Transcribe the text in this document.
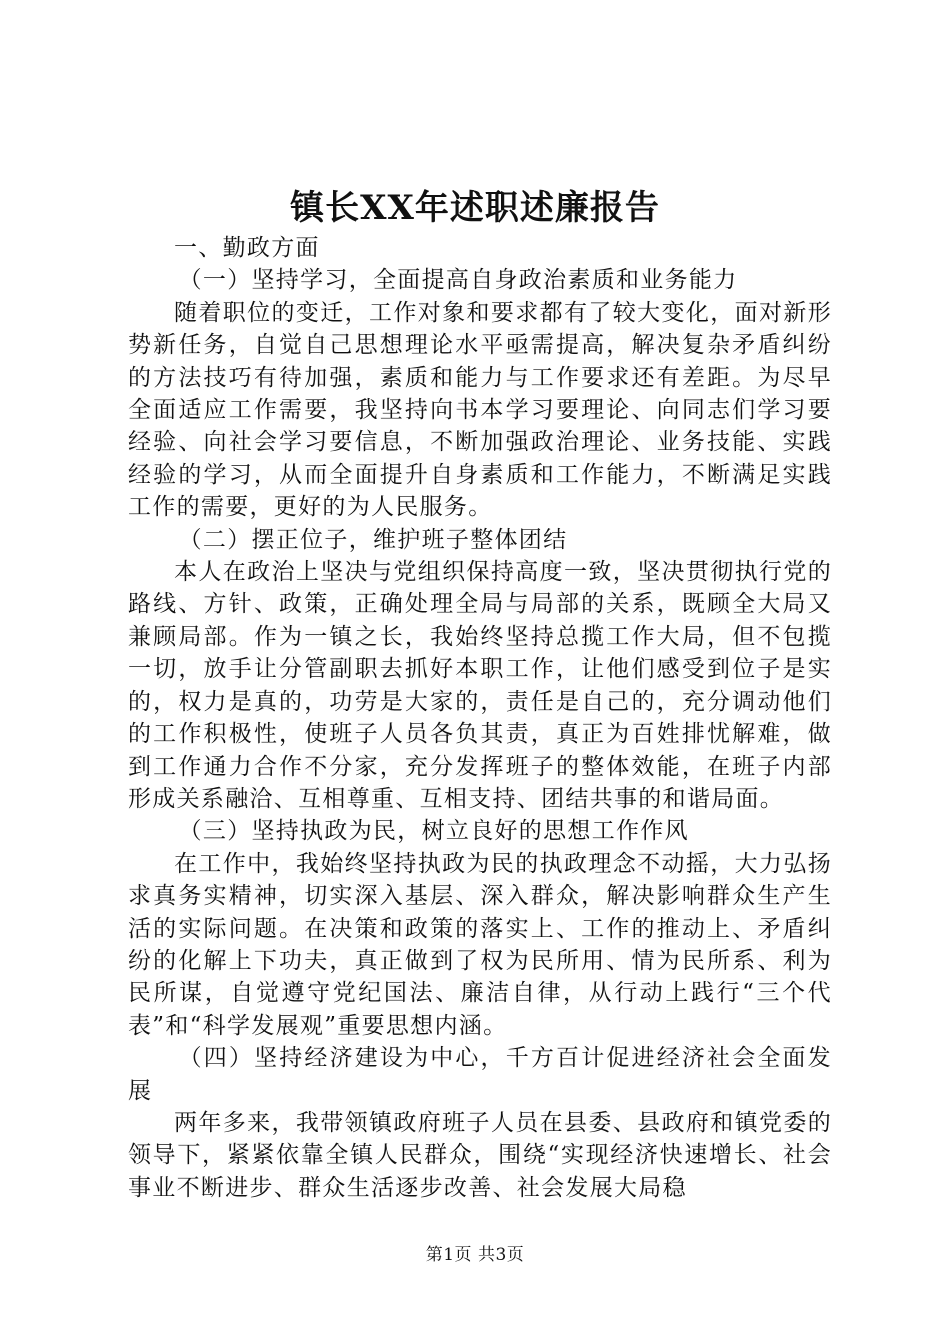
镇长XX年述职述廉报告

一、勤政方面

（一）坚持学习，全面提高自身政治素质和业务能力

随着职位的变迁，工作对象和要求都有了较大变化，面对新形势新任务，自觉自己思想理论水平亟需提高，解决复杂矛盾纠纷的方法技巧有待加强，素质和能力与工作要求还有差距。为尽早全面适应工作需要，我坚持向书本学习要理论、向同志们学习要经验、向社会学习要信息，不断加强政治理论、业务技能、实践经验的学习，从而全面提升自身素质和工作能力，不断满足实践工作的需要，更好的为人民服务。

（二）摆正位子，维护班子整体团结

本人在政治上坚决与党组织保持高度一致，坚决贯彻执行党的路线、方针、政策，正确处理全局与局部的关系，既顾全大局又兼顾局部。作为一镇之长，我始终坚持总揽工作大局，但不包揽一切，放手让分管副职去抓好本职工作，让他们感受到位子是实的，权力是真的，功劳是大家的，责任是自己的，充分调动他们的工作积极性，使班子人员各负其责，真正为百姓排忧解难，做到工作通力合作不分家，充分发挥班子的整体效能，在班子内部形成关系融洽、互相尊重、互相支持、团结共事的和谐局面。

（三）坚持执政为民，树立良好的思想工作作风

在工作中，我始终坚持执政为民的执政理念不动摇，大力弘扬求真务实精神，切实深入基层、深入群众，解决影响群众生产生活的实际问题。在决策和政策的落实上、工作的推动上、矛盾纠纷的化解上下功夫，真正做到了权为民所用、情为民所系、利为民所谋，自觉遵守党纪国法、廉洁自律，从行动上践行“三个代表”和“科学发展观”重要思想内涵。

（四）坚持经济建设为中心，千方百计促进经济社会全面发展

两年多来，我带领镇政府班子人员在县委、县政府和镇党委的领导下，紧紧依靠全镇人民群众，围绕“实现经济快速增长、社会事业不断进步、群众生活逐步改善、社会发展大局稳

第1页 共3页
